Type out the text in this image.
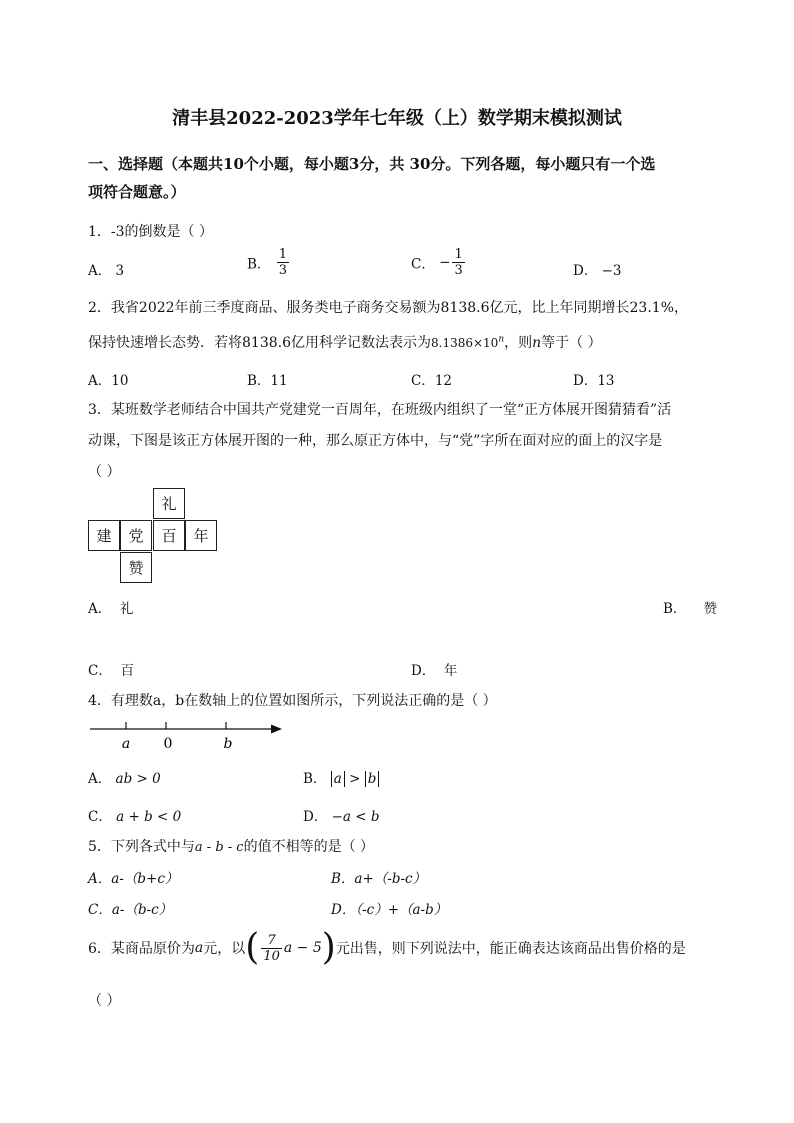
清丰县2022-2023学年七年级（上）数学期末模拟测试
一、选择题（本题共10个小题，每小题3分，共 30分。下列各题，每小题只有一个选
项符合题意。）
1．-3的倒数是（ ）
A． 3	B． $\frac{1}{3}$	C． − $\frac{1}{3}$	D． −3
2．我省2022年前三季度商品、服务类电子商务交易额为8138.6亿元，比上年同期增长23.1%，
保持快速增长态势．若将8138.6亿用科学记数法表示为$8.1386\times 10^n$，则n等于（ ）
A．10	B．11	C．12	D．13
3．某班数学老师结合中国共产党建党一百周年，在班级内组织了一堂“正方体展开图猜猜看”活
动课，下图是该正方体展开图的一种，那么原正方体中，与“党”字所在面对应的面上的汉字是
（ ）
礼
建	党	百	年
赞
A． 礼	B． 赞
C． 百	D． 年
4．有理数a，b在数轴上的位置如图所示，下列说法正确的是（ ）
a 0	b
A． ab > 0	B． a > b
C． a + b < 0	D． −a < b
5．下列各式中与a - b - c的值不相等的是（ ）
A．a-（b+c）	B．a+（-b-c）
C．a-（b-c）	D．（-c）+（a-b）
6．某商品原价为a元，以( $\frac{7}{10}$ a − 5)元出售，则下列说法中，能正确表达该商品出售价格的是
（ ）
